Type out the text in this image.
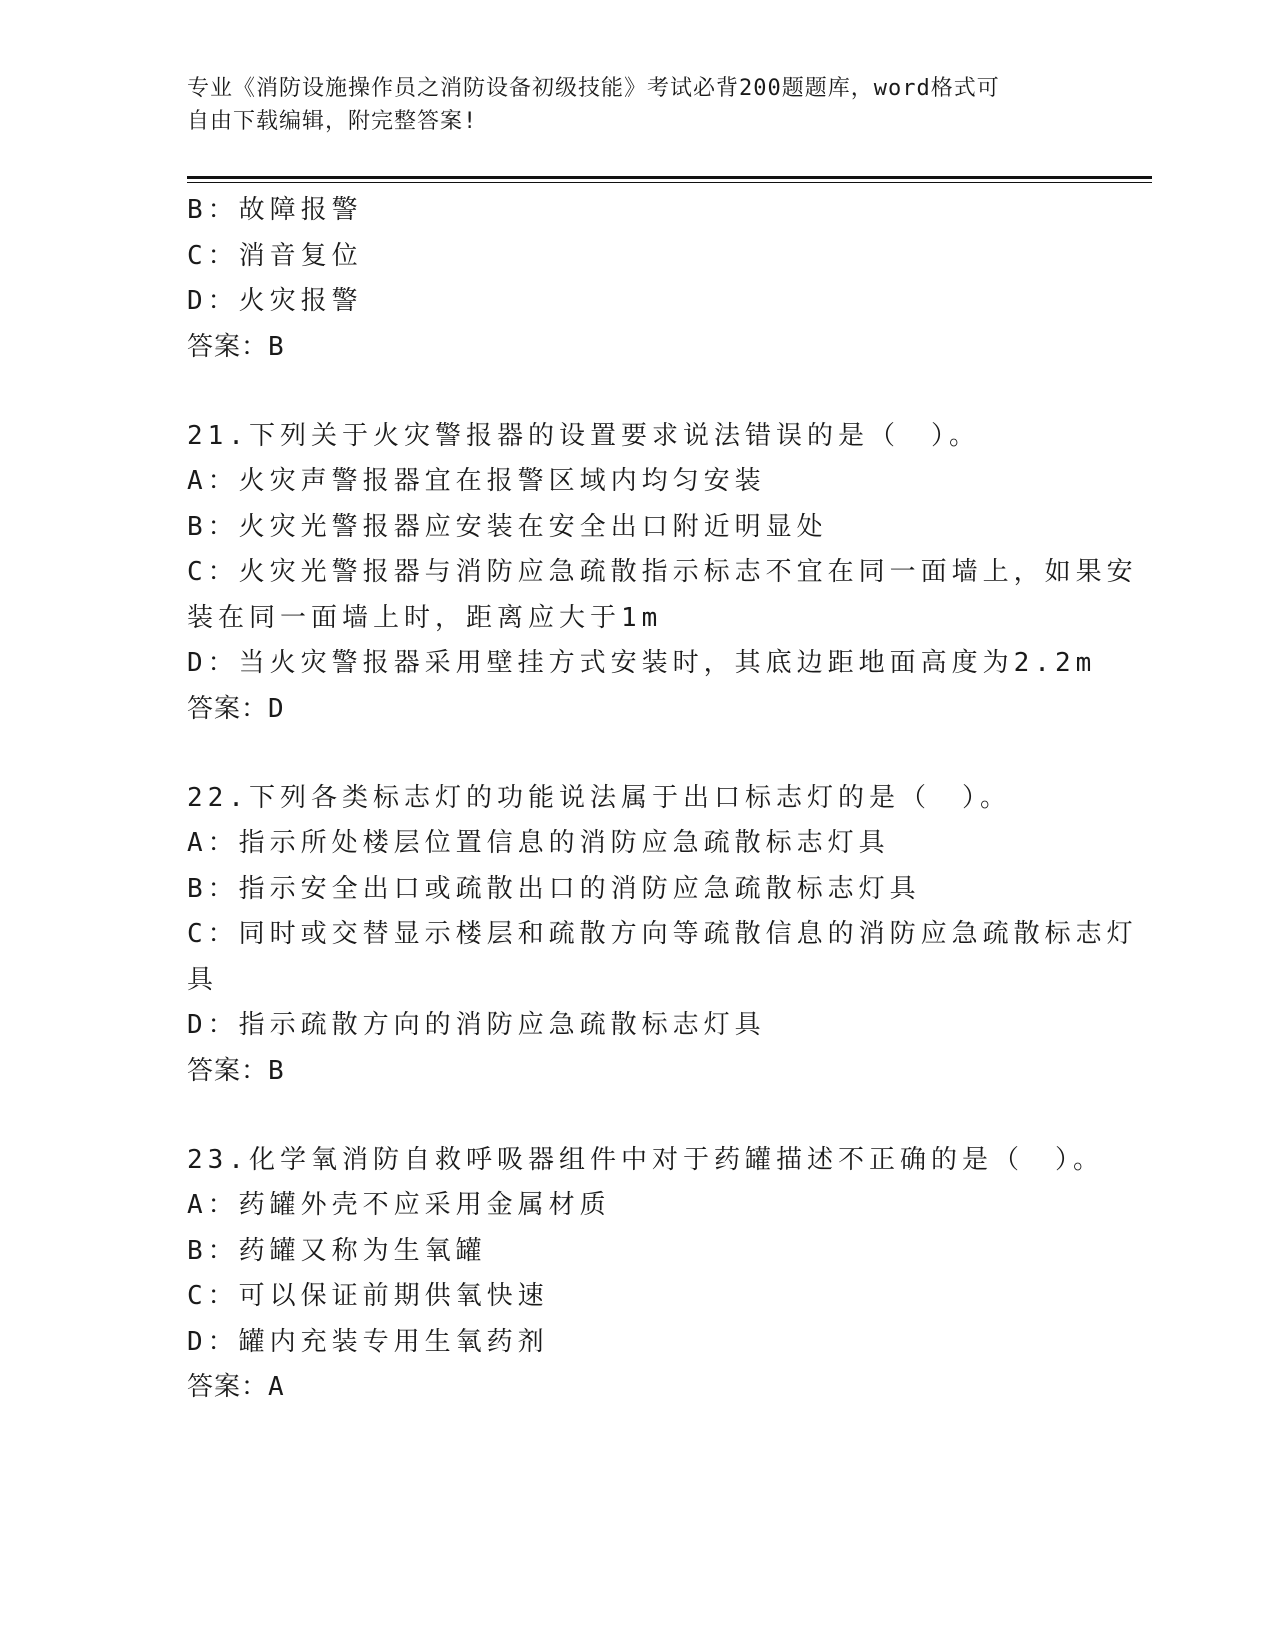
专业《消防设施操作员之消防设备初级技能》考试必背200题题库，word格式可
自由下载编辑，附完整答案!
B：故障报警
C：消音复位
D：火灾报警
答案：B
21.下列关于火灾警报器的设置要求说法错误的是（　）。
A：火灾声警报器宜在报警区域内均匀安装
B：火灾光警报器应安装在安全出口附近明显处
C：火灾光警报器与消防应急疏散指示标志不宜在同一面墙上，如果安
装在同一面墙上时，距离应大于1m
D：当火灾警报器采用壁挂方式安装时，其底边距地面高度为2.2m
答案：D
22.下列各类标志灯的功能说法属于出口标志灯的是（　）。
A：指示所处楼层位置信息的消防应急疏散标志灯具
B：指示安全出口或疏散出口的消防应急疏散标志灯具
C：同时或交替显示楼层和疏散方向等疏散信息的消防应急疏散标志灯
具
D：指示疏散方向的消防应急疏散标志灯具
答案：B
23.化学氧消防自救呼吸器组件中对于药罐描述不正确的是（　）。
A：药罐外壳不应采用金属材质
B：药罐又称为生氧罐
C：可以保证前期供氧快速
D：罐内充装专用生氧药剂
答案：A
